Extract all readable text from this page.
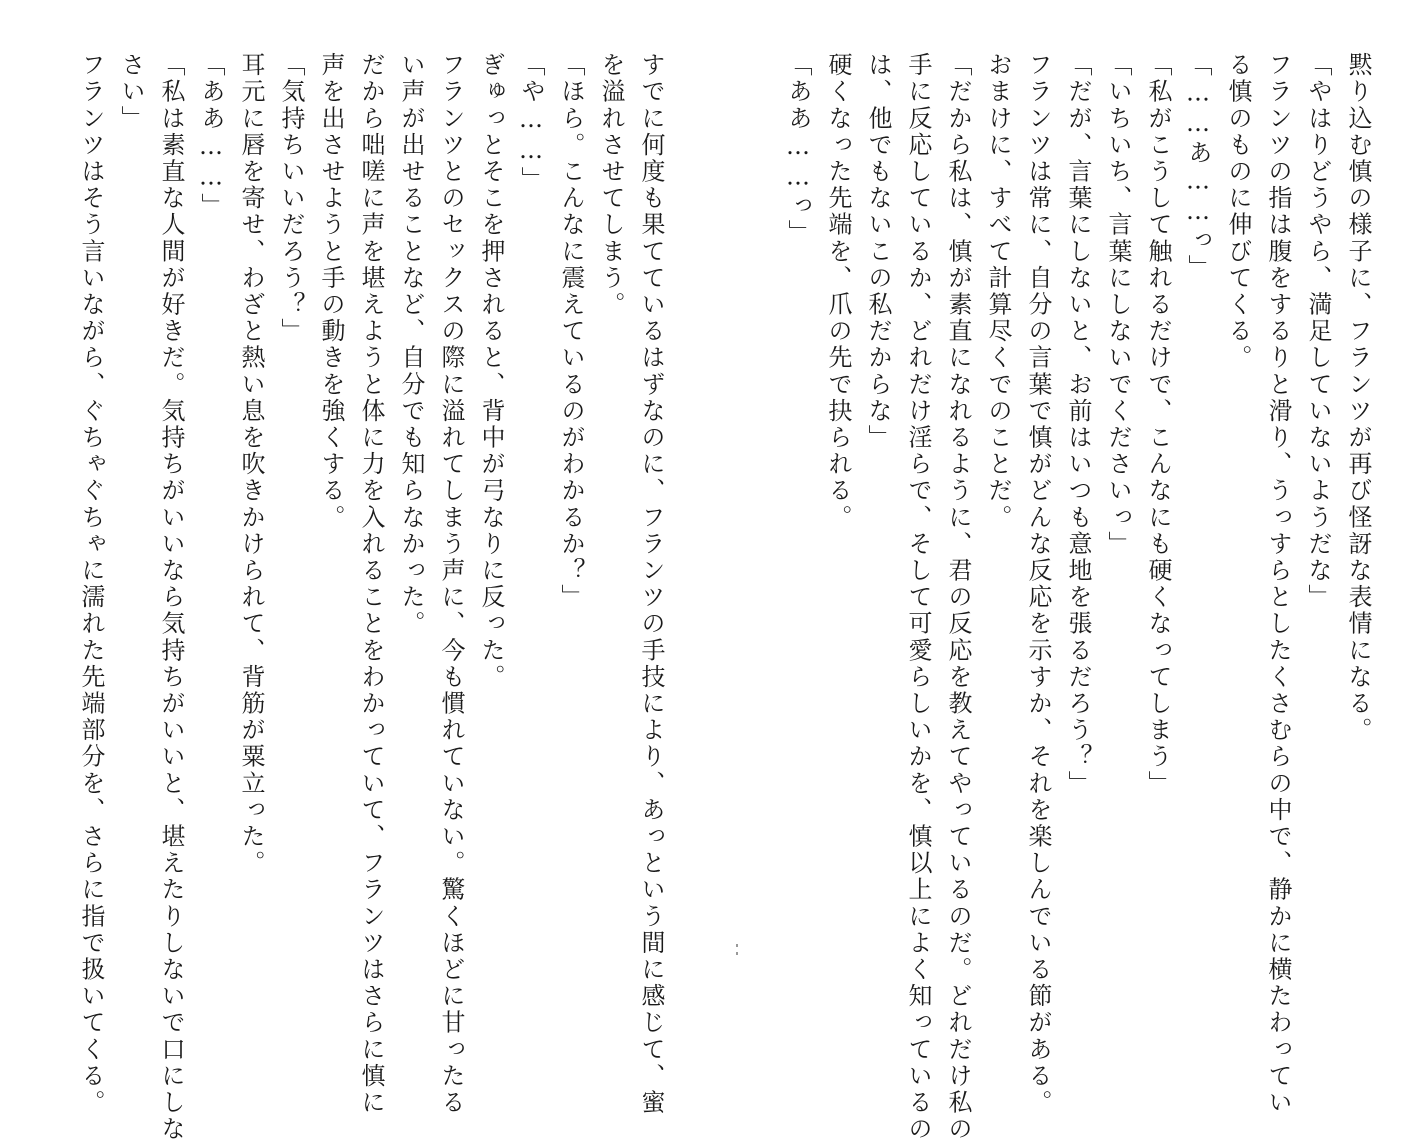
黙り込む慎の様子に、フランツが再び怪訝な表情になる。
「やはりどうやら、満足していないようだな」
フランツの指は腹をするりと滑り、うっすらとしたくさむらの中で、静かに横たわってい
る慎のものに伸びてくる。
「……あ……っ」
「私がこうして触れるだけで、こんなにも硬くなってしまう」
「いちいち、言葉にしないでくださいっ」
「だが、言葉にしないと、お前はいつも意地を張るだろう？」
フランツは常に、自分の言葉で慎がどんな反応を示すか、それを楽しんでいる節がある。
おまけに、すべて計算尽くでのことだ。
「だから私は、慎が素直になれるように、君の反応を教えてやっているのだ。どれだけ私の
手に反応しているか、どれだけ淫らで、そして可愛らしいかを、慎以上によく知っているの
は、他でもないこの私だからな」
硬くなった先端を、爪の先で抉られる。
「ああ……っ」
すでに何度も果てているはずなのに、フランツの手技により、あっという間に感じて、蜜
を溢れさせてしまう。
「ほら。こんなに震えているのがわかるか？」
「や……」
ぎゅっとそこを押されると、背中が弓なりに反った。
フランツとのセックスの際に溢れてしまう声に、今も慣れていない。驚くほどに甘ったる
い声が出せることなど、自分でも知らなかった。
だから咄嗟に声を堪えようと体に力を入れることをわかっていて、フランツはさらに慎に
声を出させようと手の動きを強くする。
「気持ちいいだろう？」
耳元に唇を寄せ、わざと熱い息を吹きかけられて、背筋が粟立った。
「ああ……」
「私は素直な人間が好きだ。気持ちがいいなら気持ちがいいと、堪えたりしないで口にしな
さい」
フランツはそう言いながら、ぐちゃぐちゃに濡れた先端部分を、さらに指で扱いてくる。
